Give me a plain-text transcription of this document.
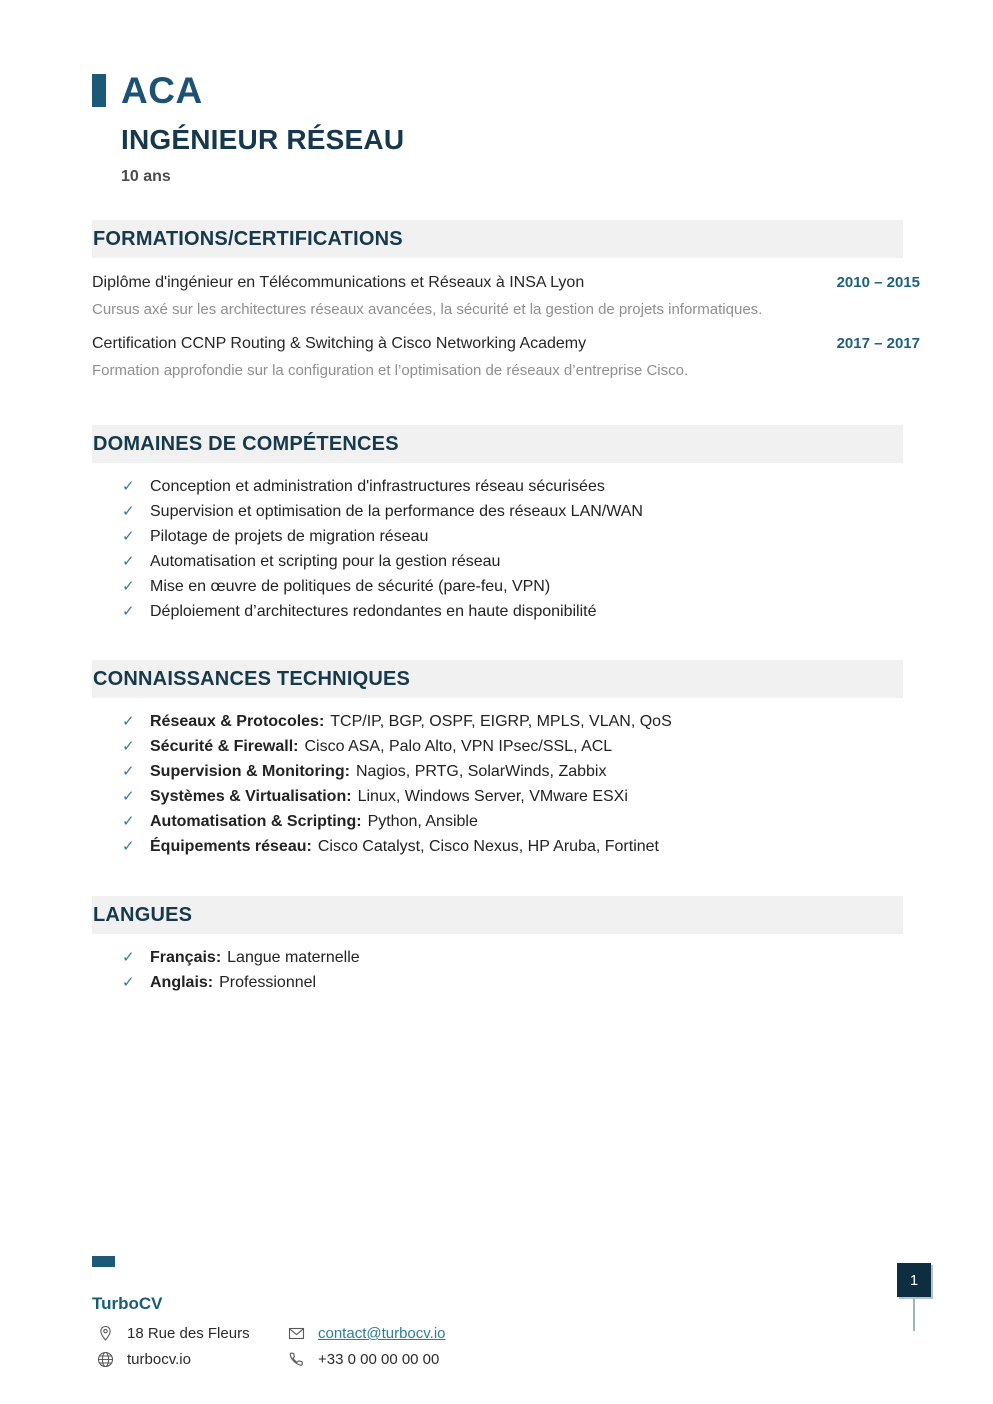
ACA
INGÉNIEUR RÉSEAU
10 ans
FORMATIONS/CERTIFICATIONS
Diplôme d'ingénieur en Télécommunications et Réseaux à INSA Lyon	2010 – 2015
Cursus axé sur les architectures réseaux avancées, la sécurité et la gestion de projets informatiques.
Certification CCNP Routing & Switching à Cisco Networking Academy	2017 – 2017
Formation approfondie sur la configuration et l’optimisation de réseaux d’entreprise Cisco.
DOMAINES DE COMPÉTENCES
✓ Conception et administration d'infrastructures réseau sécurisées
✓ Supervision et optimisation de la performance des réseaux LAN/WAN
✓ Pilotage de projets de migration réseau
✓ Automatisation et scripting pour la gestion réseau
✓ Mise en œuvre de politiques de sécurité (pare-feu, VPN)
✓ Déploiement d’architectures redondantes en haute disponibilité
CONNAISSANCES TECHNIQUES
✓ Réseaux & Protocoles: TCP/IP, BGP, OSPF, EIGRP, MPLS, VLAN, QoS
✓ Sécurité & Firewall: Cisco ASA, Palo Alto, VPN IPsec/SSL, ACL
✓ Supervision & Monitoring: Nagios, PRTG, SolarWinds, Zabbix
✓ Systèmes & Virtualisation: Linux, Windows Server, VMware ESXi
✓ Automatisation & Scripting: Python, Ansible
✓ Équipements réseau: Cisco Catalyst, Cisco Nexus, HP Aruba, Fortinet
LANGUES
✓ Français: Langue maternelle
✓ Anglais: Professionnel
TurboCV
18 Rue des Fleurs	contact@turbocv.io
turbocv.io	+33 0 00 00 00 00
1
